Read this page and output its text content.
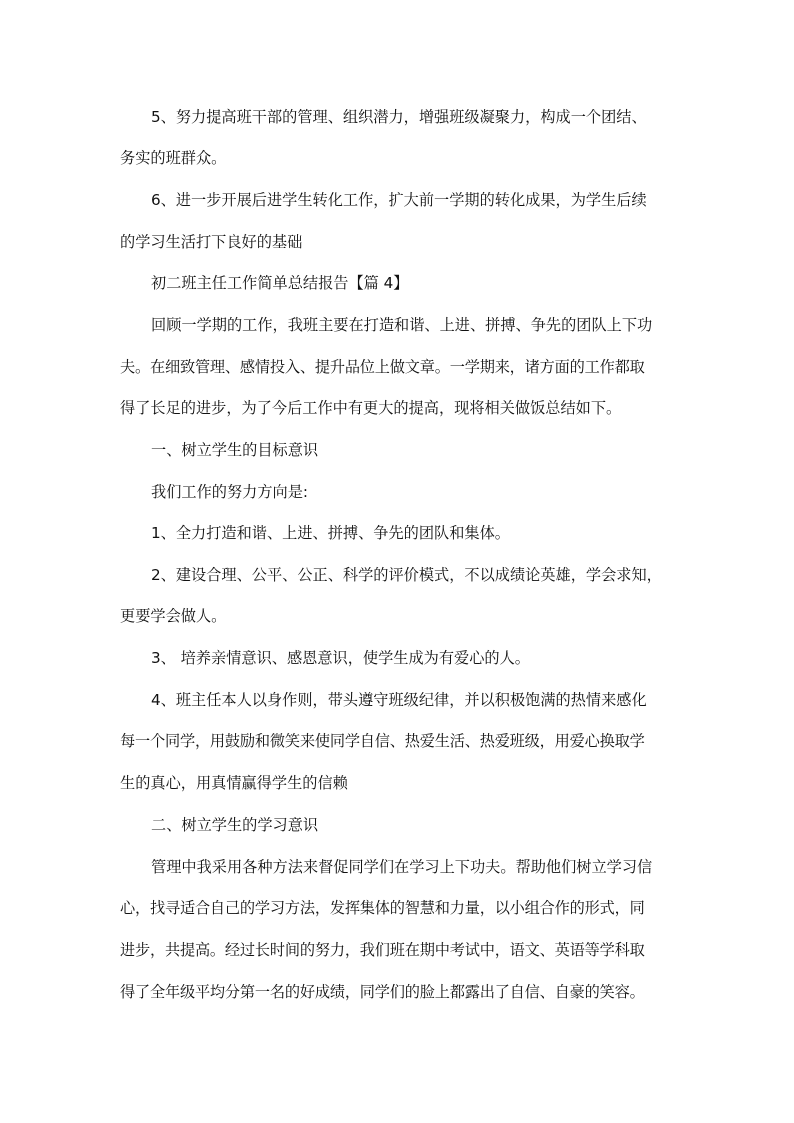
5、努力提高班干部的管理、组织潜力，增强班级凝聚力，构成一个团结、
务实的班群众。
6、进一步开展后进学生转化工作，扩大前一学期的转化成果，为学生后续
的学习生活打下良好的基础
初二班主任工作简单总结报告【篇 4】
回顾一学期的工作，我班主要在打造和谐、上进、拼搏、争先的团队上下功
夫。在细致管理、感情投入、提升品位上做文章。一学期来，诸方面的工作都取
得了长足的进步，为了今后工作中有更大的提高，现将相关做饭总结如下。
一、树立学生的目标意识
我们工作的努力方向是:
1、全力打造和谐、上进、拼搏、争先的团队和集体。
2、建设合理、公平、公正、科学的评价模式，不以成绩论英雄，学会求知，
更要学会做人。
3、 培养亲情意识、感恩意识，使学生成为有爱心的人。
4、班主任本人以身作则，带头遵守班级纪律，并以积极饱满的热情来感化
每一个同学，用鼓励和微笑来使同学自信、热爱生活、热爱班级，用爱心换取学
生的真心，用真情赢得学生的信赖
二、树立学生的学习意识
管理中我采用各种方法来督促同学们在学习上下功夫。帮助他们树立学习信
心，找寻适合自己的学习方法，发挥集体的智慧和力量，以小组合作的形式，同
进步，共提高。经过长时间的努力，我们班在期中考试中，语文、英语等学科取
得了全年级平均分第一名的好成绩，同学们的脸上都露出了自信、自豪的笑容。
